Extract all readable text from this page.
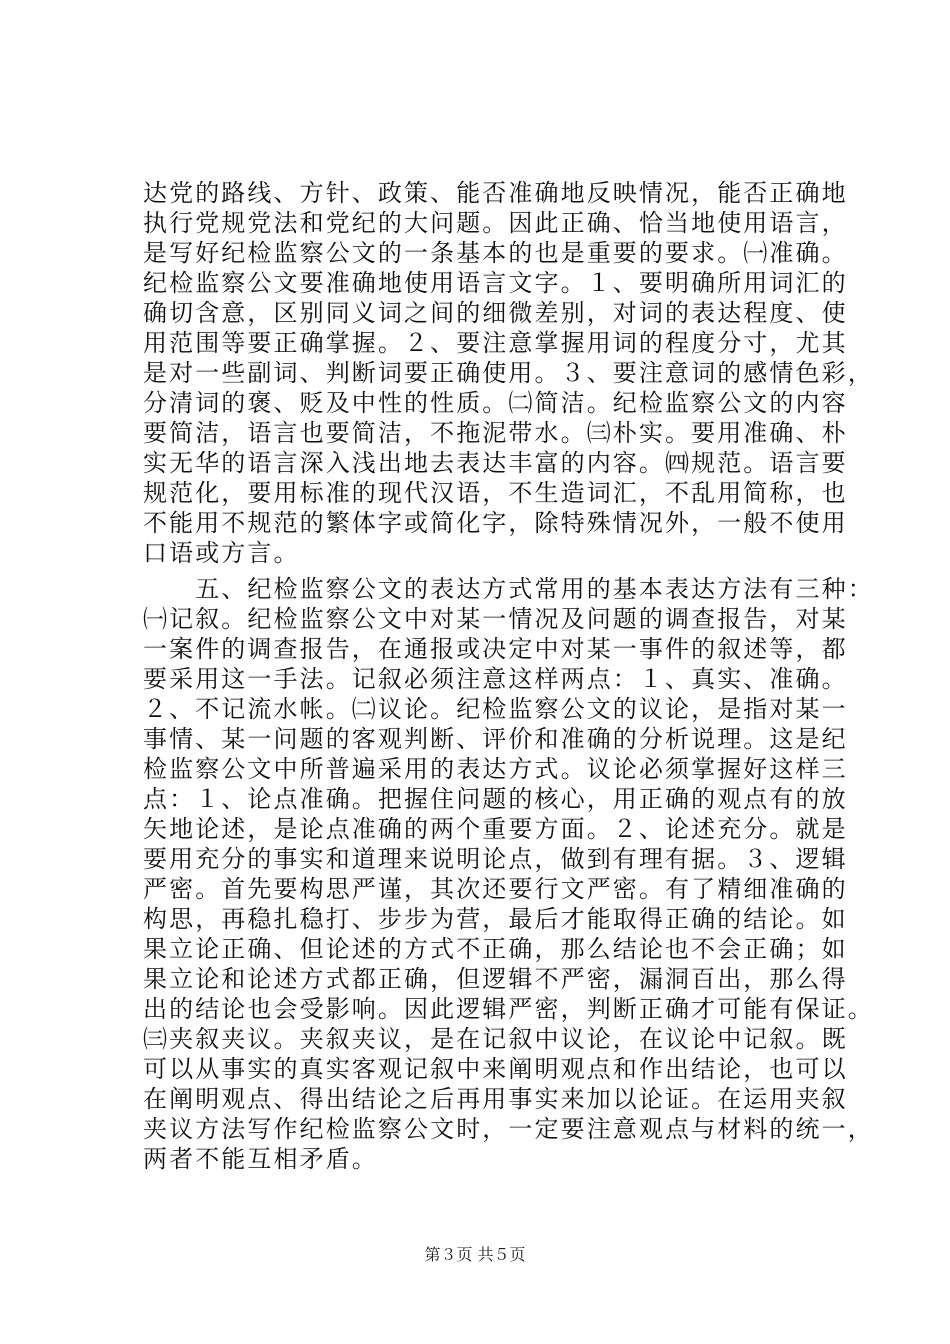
达党的路线、方针、政策、能否准确地反映情况，能否正确地
执行党规党法和党纪的大问题。因此正确、恰当地使用语言，
是写好纪检监察公文的一条基本的也是重要的要求。㈠准确。
纪检监察公文要准确地使用语言文字。１、要明确所用词汇的
确切含意，区别同义词之间的细微差别，对词的表达程度、使
用范围等要正确掌握。２、要注意掌握用词的程度分寸，尤其
是对一些副词、判断词要正确使用。３、要注意词的感情色彩，
分清词的褒、贬及中性的性质。㈡简洁。纪检监察公文的内容
要简洁，语言也要简洁，不拖泥带水。㈢朴实。要用准确、朴
实无华的语言深入浅出地去表达丰富的内容。㈣规范。语言要
规范化，要用标准的现代汉语，不生造词汇，不乱用简称，也
不能用不规范的繁体字或简化字，除特殊情况外，一般不使用
口语或方言。
　　五、纪检监察公文的表达方式常用的基本表达方法有三种：
㈠记叙。纪检监察公文中对某一情况及问题的调查报告，对某
一案件的调查报告，在通报或决定中对某一事件的叙述等，都
要采用这一手法。记叙必须注意这样两点：１、真实、准确。
２、不记流水帐。㈡议论。纪检监察公文的议论，是指对某一
事情、某一问题的客观判断、评价和准确的分析说理。这是纪
检监察公文中所普遍采用的表达方式。议论必须掌握好这样三
点：１、论点准确。把握住问题的核心，用正确的观点有的放
矢地论述，是论点准确的两个重要方面。２、论述充分。就是
要用充分的事实和道理来说明论点，做到有理有据。３、逻辑
严密。首先要构思严谨，其次还要行文严密。有了精细准确的
构思，再稳扎稳打、步步为营，最后才能取得正确的结论。如
果立论正确、但论述的方式不正确，那么结论也不会正确；如
果立论和论述方式都正确，但逻辑不严密，漏洞百出，那么得
出的结论也会受影响。因此逻辑严密，判断正确才可能有保证。
㈢夹叙夹议。夹叙夹议，是在记叙中议论，在议论中记叙。既
可以从事实的真实客观记叙中来阐明观点和作出结论，也可以
在阐明观点、得出结论之后再用事实来加以论证。在运用夹叙
夹议方法写作纪检监察公文时，一定要注意观点与材料的统一，
两者不能互相矛盾。
第３页 共５页
